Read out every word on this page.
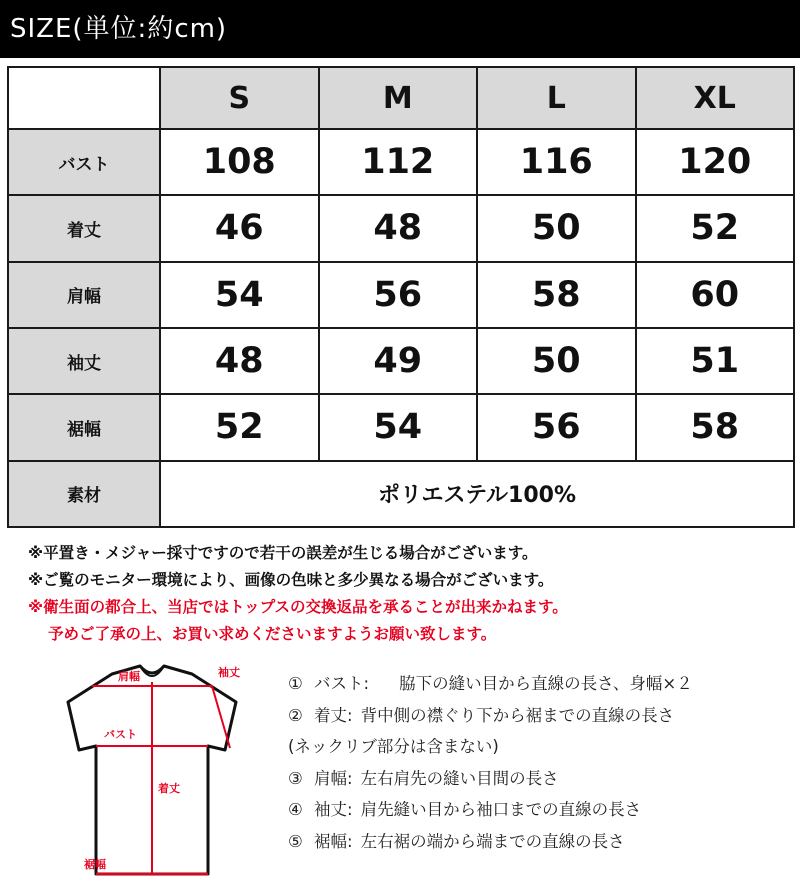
SIZE(単位:約cm)
	S	M	L	XL
バスト	108	112	116	120
着丈	46	48	50	52
肩幅	54	56	58	60
袖丈	48	49	50	51
裾幅	52	54	56	58
素材	ポリエステル100%			
※平置き・メジャー採寸ですので若干の誤差が生じる場合がございます。
※ご覧のモニター環境により、画像の色味と多少異なる場合がございます。
※衛生面の都合上、当店ではトップスの交換返品を承ることが出来かねます。
予めご了承の上、お買い求めくださいますようお願い致します。
肩幅	袖丈
バスト
着丈
裾幅
① バスト: 脇下の縫い目から直線の長さ、身幅×２
② 着丈: 背中側の襟ぐり下から裾までの直線の長さ
(ネックリブ部分は含まない)
③ 肩幅: 左右肩先の縫い目間の長さ
④ 袖丈: 肩先縫い目から袖口までの直線の長さ
⑤ 裾幅: 左右裾の端から端までの直線の長さ
